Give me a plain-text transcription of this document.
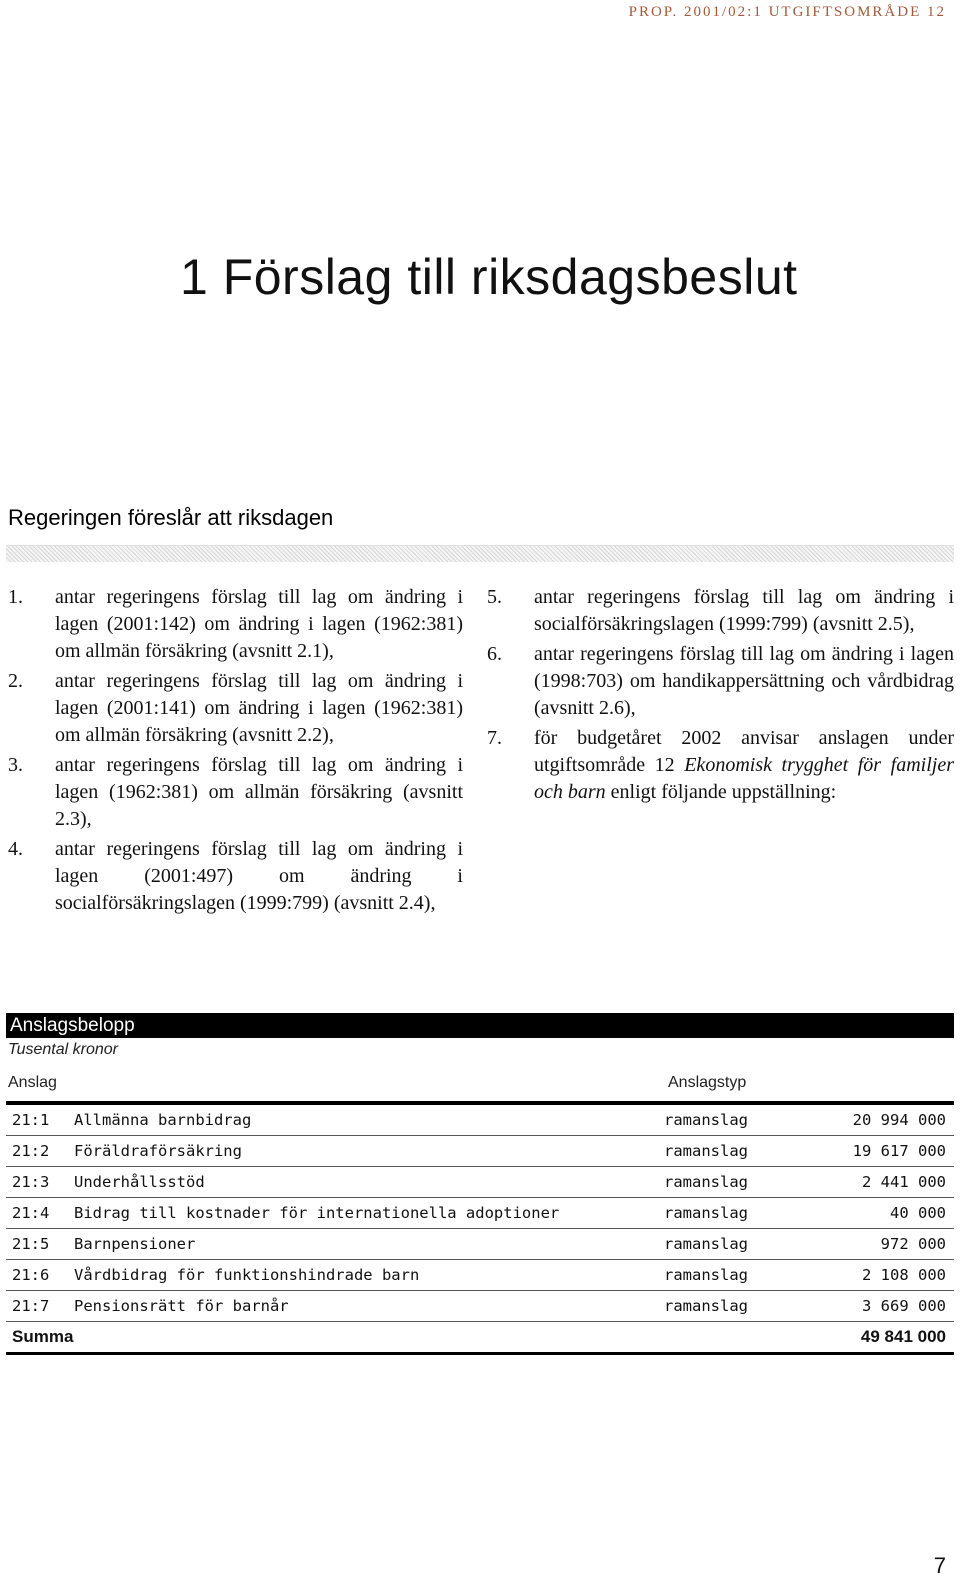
PROP. 2001/02:1 UTGIFTSOMRÅDE 12
1 Förslag till riksdagsbeslut
Regeringen föreslår att riksdagen
1. antar regeringens förslag till lag om ändring i lagen (2001:142) om ändring i lagen (1962:381) om allmän försäkring (avsnitt 2.1),
2. antar regeringens förslag till lag om ändring i lagen (2001:141) om ändring i lagen (1962:381) om allmän försäkring (avsnitt 2.2),
3. antar regeringens förslag till lag om ändring i lagen (1962:381) om allmän försäkring (avsnitt 2.3),
4. antar regeringens förslag till lag om ändring i lagen (2001:497) om ändring i socialförsäkringslagen (1999:799) (avsnitt 2.4),
5. antar regeringens förslag till lag om ändring i socialförsäkringslagen (1999:799) (avsnitt 2.5),
6. antar regeringens förslag till lag om ändring i lagen (1998:703) om handikappersättning och vårdbidrag (avsnitt 2.6),
7. för budgetåret 2002 anvisar anslagen under utgiftsområde 12 Ekonomisk trygghet för familjer och barn enligt följande uppställning:
Anslagsbelopp
Tusental kronor
Anslag	Anslagstyp
21:1	Allmänna barnbidrag	ramanslag	20 994 000
21:2	Föräldraförsäkring	ramanslag	19 617 000
21:3	Underhållsstöd	ramanslag	2 441 000
21:4	Bidrag till kostnader för internationella adoptioner	ramanslag	40 000
21:5	Barnpensioner	ramanslag	972 000
21:6	Vårdbidrag för funktionshindrade barn	ramanslag	2 108 000
21:7	Pensionsrätt för barnår	ramanslag	3 669 000
Summa			49 841 000
7
